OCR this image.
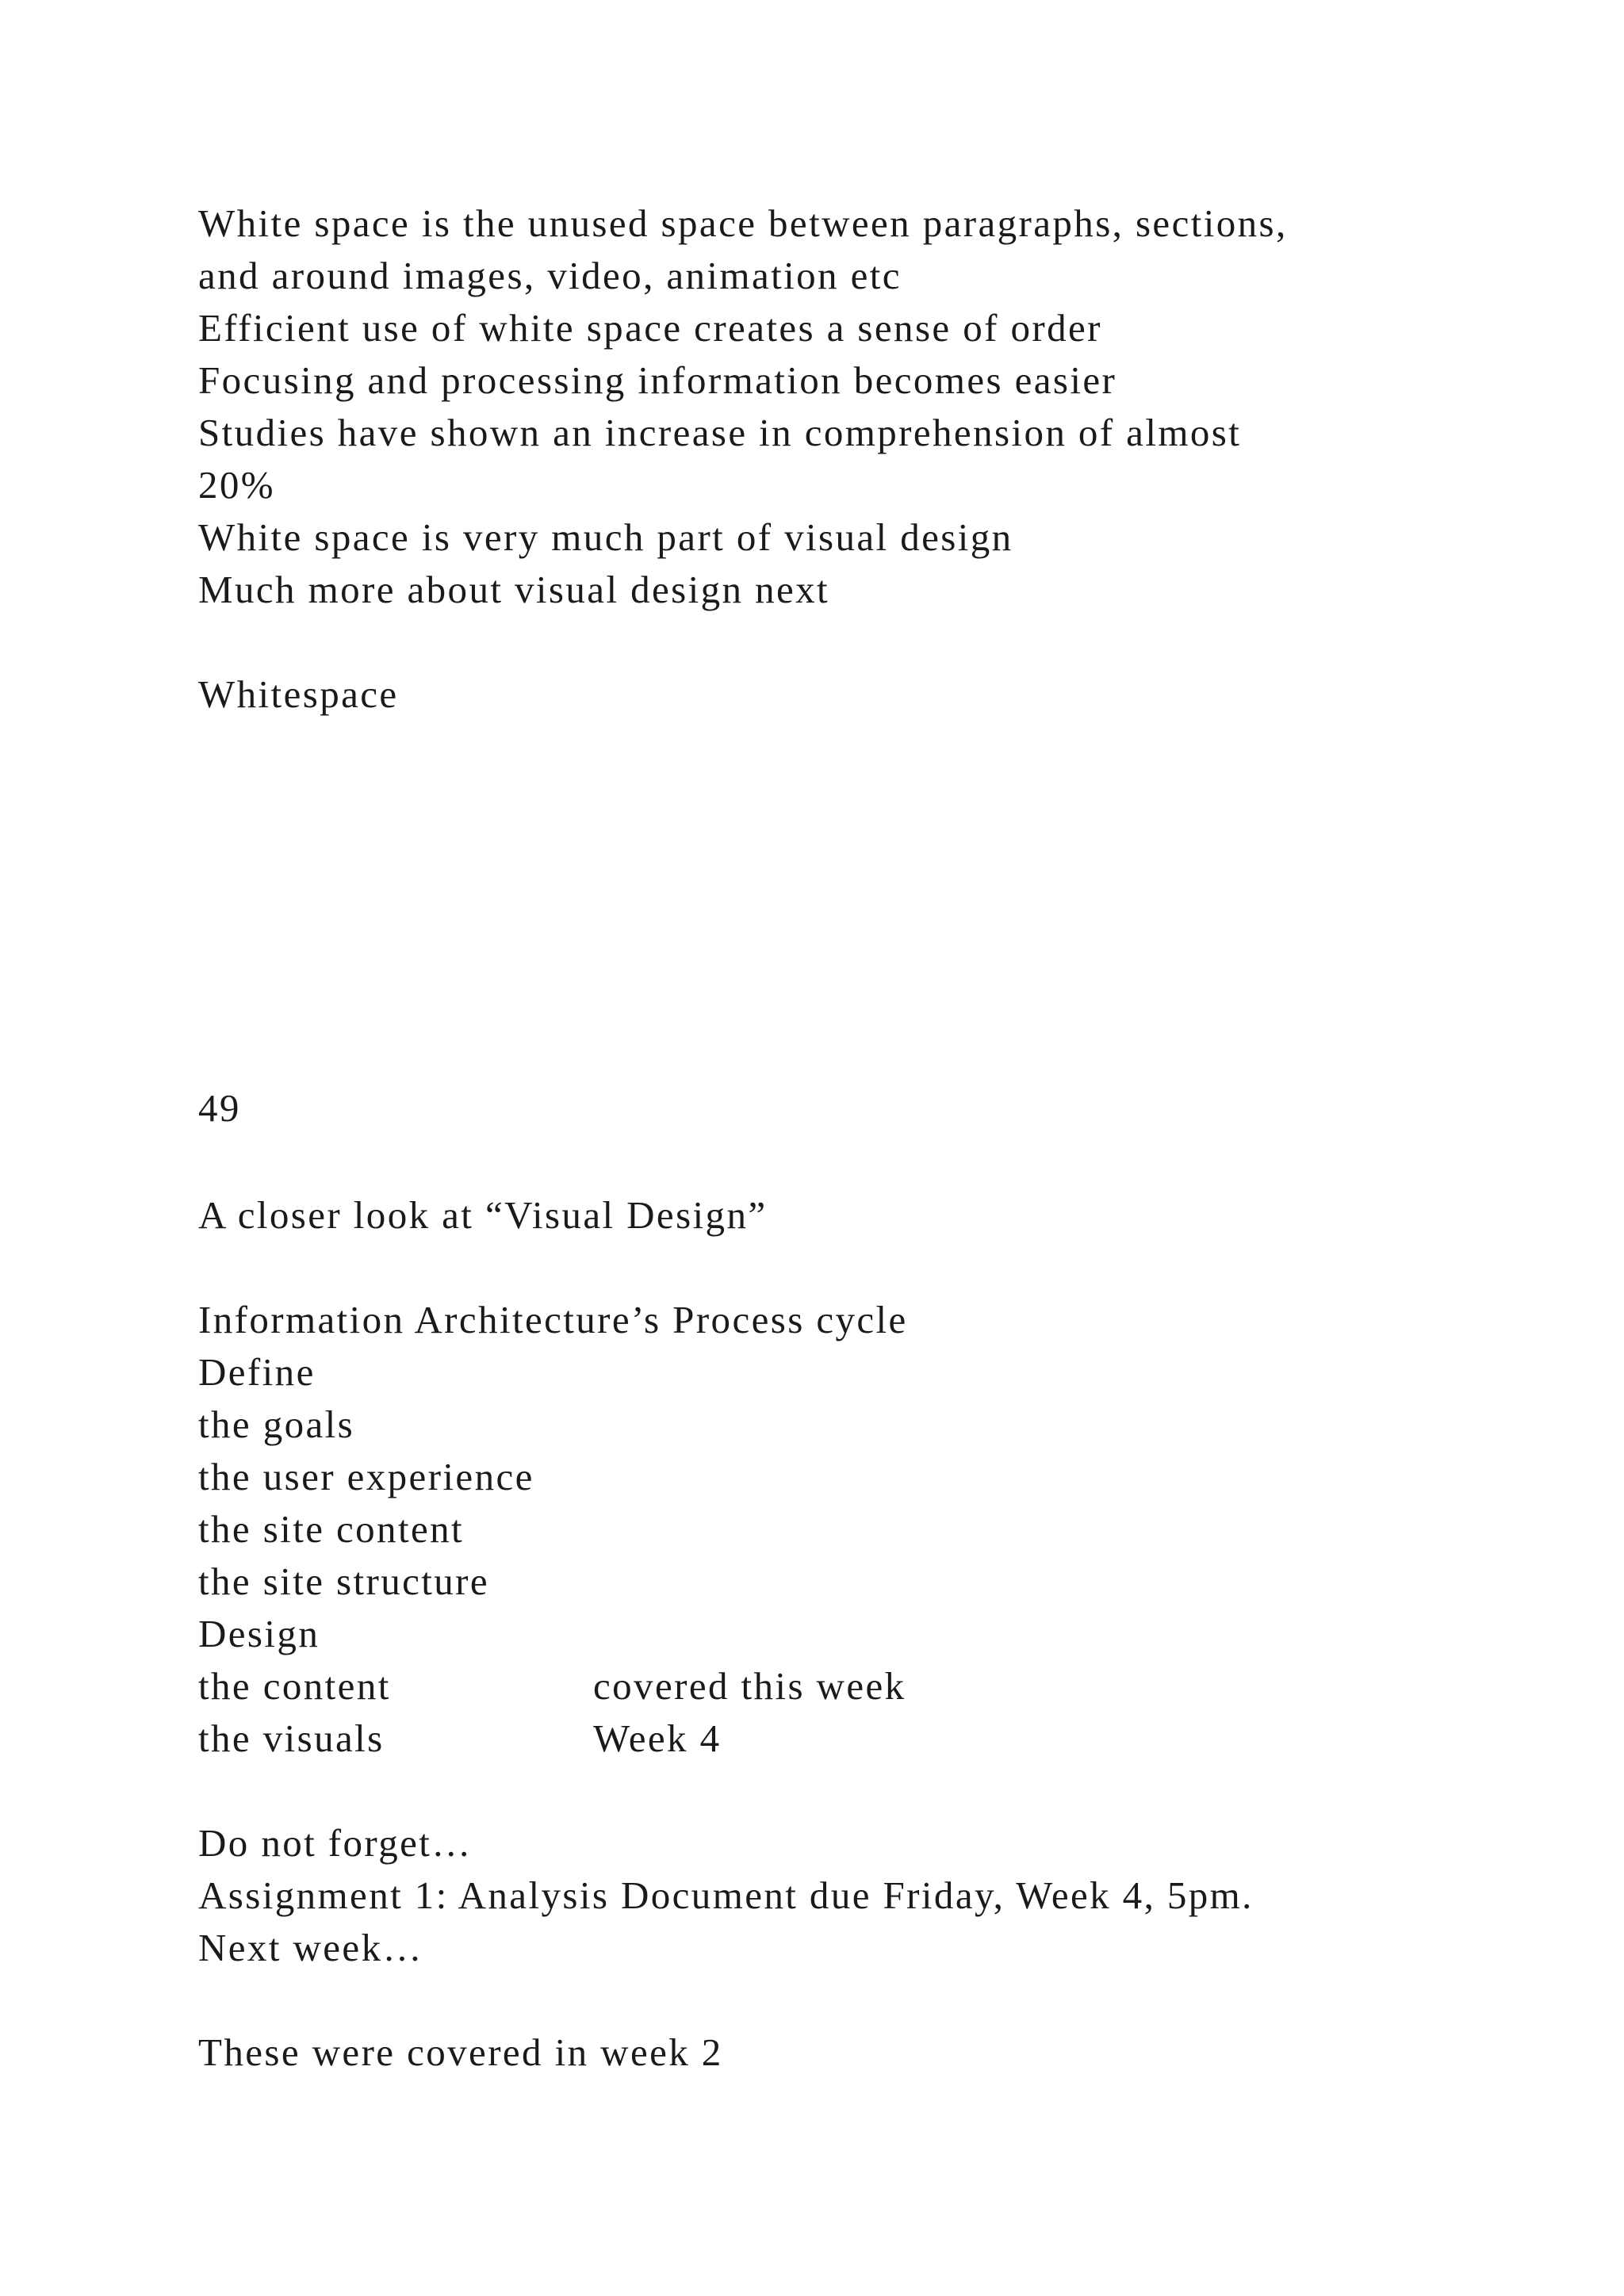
White space is the unused space between paragraphs, sections,
and around images, video, animation etc
Efficient use of white space creates a sense of order
Focusing and processing information becomes easier
Studies have shown an increase in comprehension of almost
20%
White space is very much part of visual design
Much more about visual design next
Whitespace
49
A closer look at “Visual Design”
Information Architecture’s Process cycle
Define
the goals
the user experience
the site content
the site structure
Design
the content	covered this week
the visuals	Week 4
Do not forget…
Assignment 1: Analysis Document due Friday, Week 4, 5pm.
Next week…
These were covered in week 2
